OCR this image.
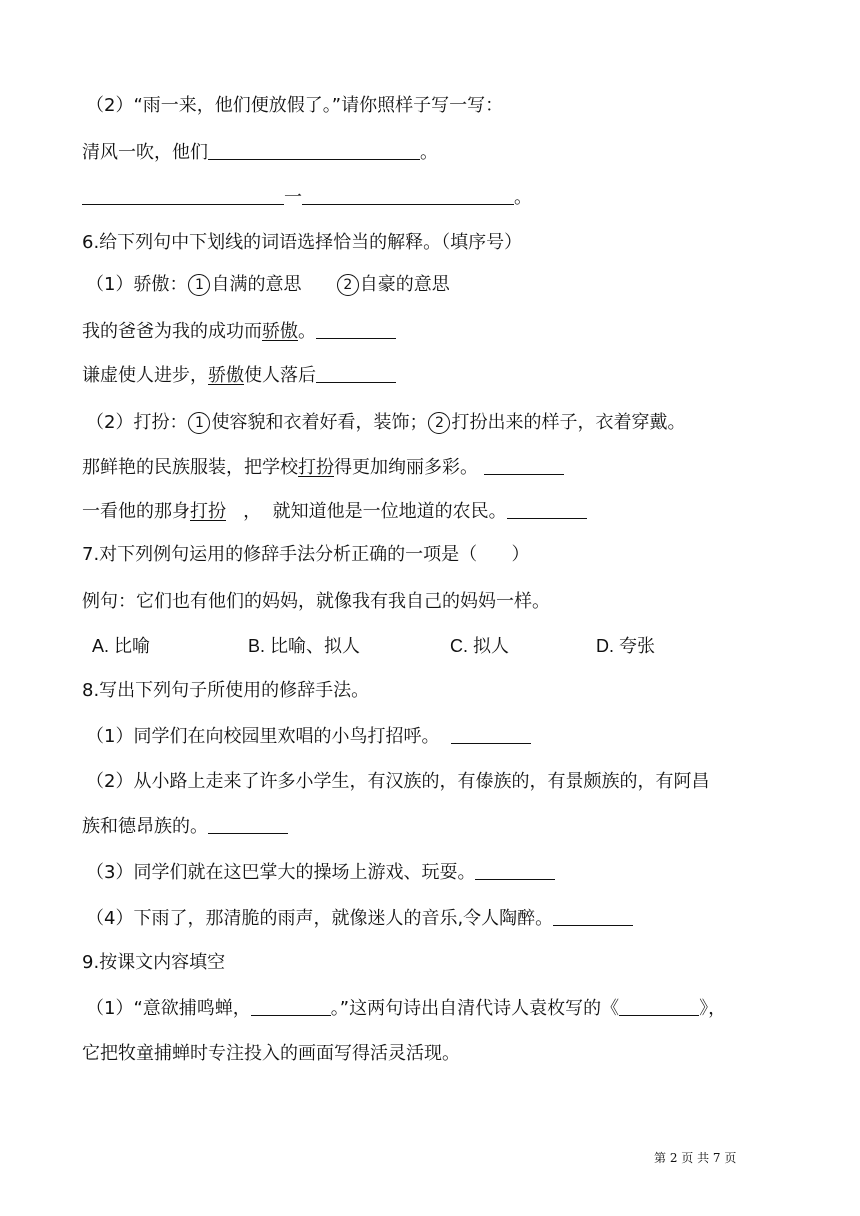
（2）“雨一来，他们便放假了。”请你照样子写一写：
清风一吹，他们	。
一	。
6.给下列句中下划线的词语选择恰当的解释。（填序号）
（1）骄傲： 1 自满的意思	2 自豪的意思
我的爸爸为我的成功而骄傲。
谦虚使人进步，骄傲使人落后
（2）打扮： 1 使容貌和衣着好看，装饰； 2 打扮出来的样子，衣着穿戴。
那鲜艳的民族服装，把学校打扮得更加绚丽多彩。
一看他的那身打扮   ，  就知道他是一位地道的农民。
7.对下列例句运用的修辞手法分析正确的一项是（      ）
例句：它们也有他们的妈妈，就像我有我自己的妈妈一样。
A. 比喻	B. 比喻、拟人	C. 拟人	D. 夸张
8.写出下列句子所使用的修辞手法。
（1）同学们在向校园里欢唱的小鸟打招呼。
（2）从小路上走来了许多小学生，有汉族的，有傣族的，有景颇族的，有阿昌
族和德昂族的。
（3）同学们就在这巴掌大的操场上游戏、玩耍。
（4）下雨了，那清脆的雨声，就像迷人的音乐,令人陶醉。
9.按课文内容填空
（1）“意欲捕鸣蝉，	。”这两句诗出自清代诗人袁枚写的《	》，
它把牧童捕蝉时专注投入的画面写得活灵活现。
第 2 页 共 7 页
